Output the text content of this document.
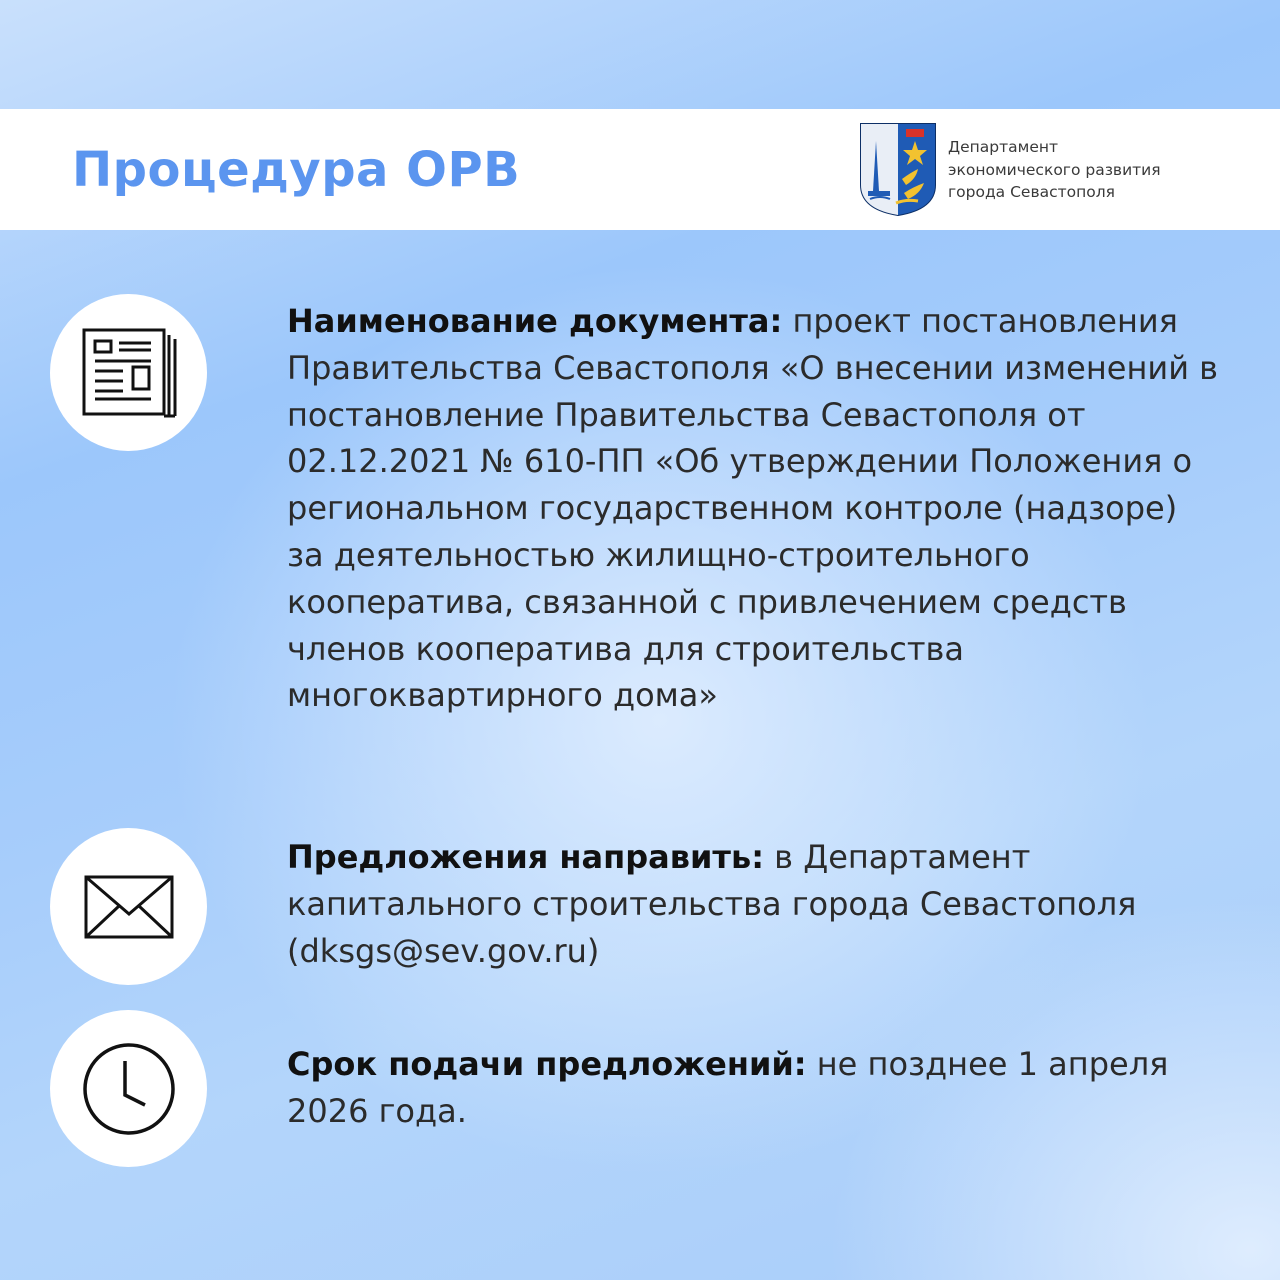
Процедура ОРВ	Департамент
экономического развития
города Севастополя
Наименование документа: проект постановления Правительства Севастополя «О внесении изменений в постановление Правительства Севастополя от 02.12.2021 № 610-ПП «Об утверждении Положения о региональном государственном контроле (надзоре) за деятельностью жилищно-строительного кооператива, связанной с привлечением средств членов кооператива для строительства многоквартирного дома»
Предложения направить: в Департамент капитального строительства города Севастополя (dksgs@sev.gov.ru)
Срок подачи предложений: не позднее 1 апреля 2026 года.
